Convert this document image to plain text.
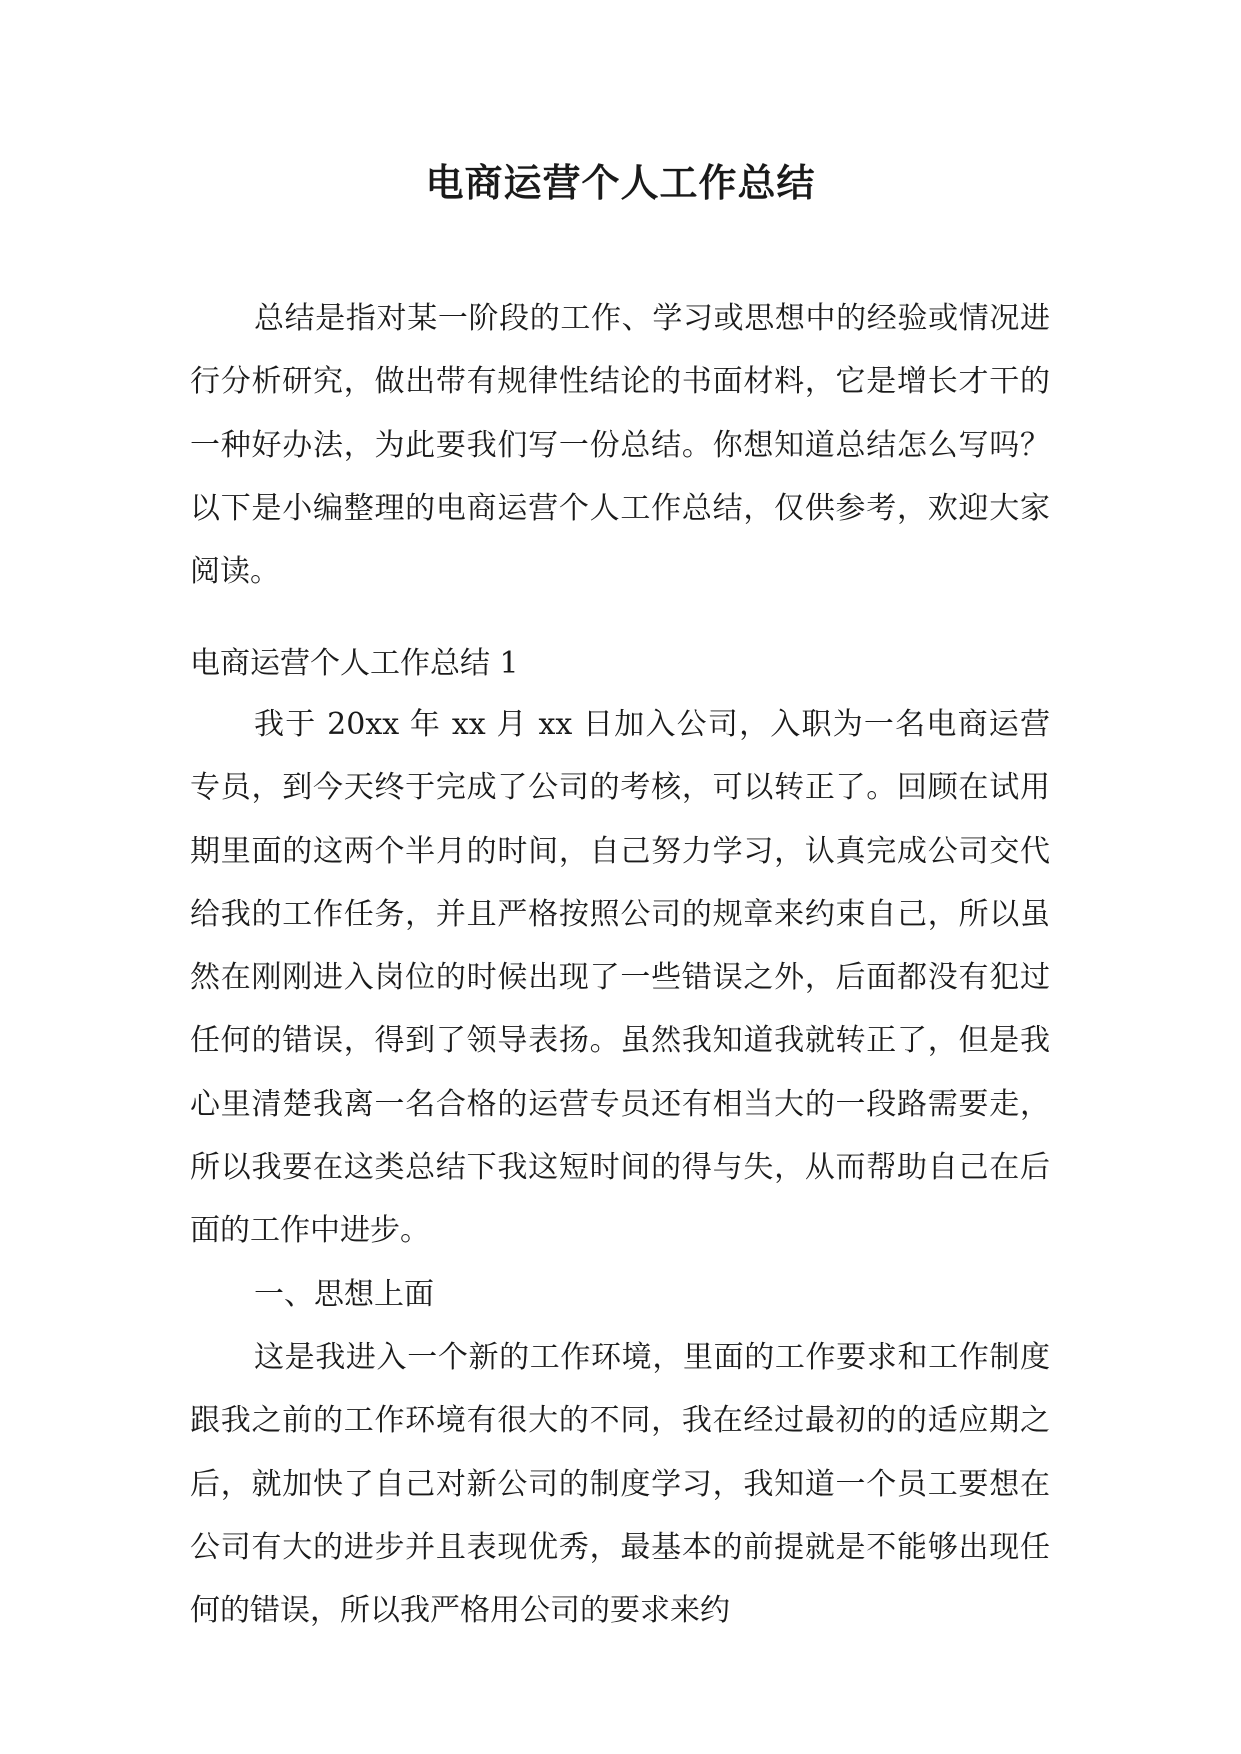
电商运营个人工作总结

总结是指对某一阶段的工作、学习或思想中的经验或情况进行分析研究，做出带有规律性结论的书面材料，它是增长才干的一种好办法，为此要我们写一份总结。你想知道总结怎么写吗？以下是小编整理的电商运营个人工作总结，仅供参考，欢迎大家阅读。

电商运营个人工作总结 1

我于 20xx 年 xx 月 xx 日加入公司，入职为一名电商运营专员，到今天终于完成了公司的考核，可以转正了。回顾在试用期里面的这两个半月的时间，自己努力学习，认真完成公司交代给我的工作任务，并且严格按照公司的规章来约束自己，所以虽然在刚刚进入岗位的时候出现了一些错误之外，后面都没有犯过任何的错误，得到了领导表扬。虽然我知道我就转正了，但是我心里清楚我离一名合格的运营专员还有相当大的一段路需要走，所以我要在这类总结下我这短时间的得与失，从而帮助自己在后面的工作中进步。

一、思想上面

这是我进入一个新的工作环境，里面的工作要求和工作制度跟我之前的工作环境有很大的不同，我在经过最初的的适应期之后，就加快了自己对新公司的制度学习，我知道一个员工要想在公司有大的进步并且表现优秀，最基本的前提就是不能够出现任何的错误，所以我严格用公司的要求来约
